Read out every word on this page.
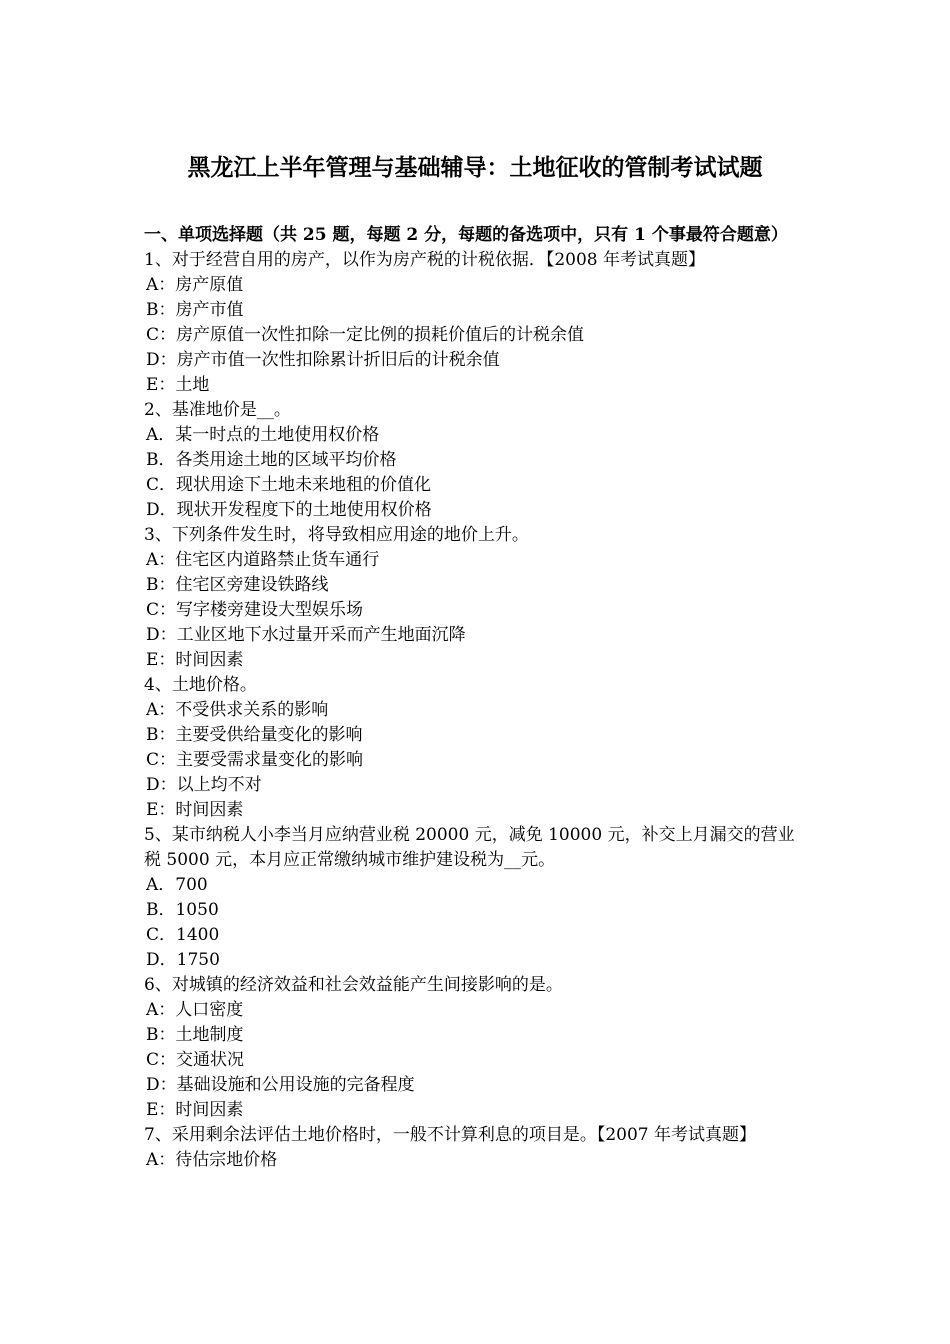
黑龙江上半年管理与基础辅导：土地征收的管制考试试题
一、单项选择题（共 25 题，每题 2 分，每题的备选项中，只有 1 个事最符合题意）
1、对于经营自用的房产，以作为房产税的计税依据．【2008 年考试真题】
A：房产原值
B：房产市值
C：房产原值一次性扣除一定比例的损耗价值后的计税余值
D：房产市值一次性扣除累计折旧后的计税余值
E：土地
2、基准地价是__。
A．某一时点的土地使用权价格
B．各类用途土地的区域平均价格
C．现状用途下土地未来地租的价值化
D．现状开发程度下的土地使用权价格
3、下列条件发生时，将导致相应用途的地价上升。
A：住宅区内道路禁止货车通行
B：住宅区旁建设铁路线
C：写字楼旁建设大型娱乐场
D：工业区地下水过量开采而产生地面沉降
E：时间因素
4、土地价格。
A：不受供求关系的影响
B：主要受供给量变化的影响
C：主要受需求量变化的影响
D：以上均不对
E：时间因素
5、某市纳税人小李当月应纳营业税 20000 元，减免 10000 元，补交上月漏交的营业税 5000 元，本月应正常缴纳城市维护建设税为__元。
A．700
B．1050
C．1400
D．1750
6、对城镇的经济效益和社会效益能产生间接影响的是。
A：人口密度
B：土地制度
C：交通状况
D：基础设施和公用设施的完备程度
E：时间因素
7、采用剩余法评估土地价格时，一般不计算利息的项目是。【2007 年考试真题】
A：待估宗地价格
